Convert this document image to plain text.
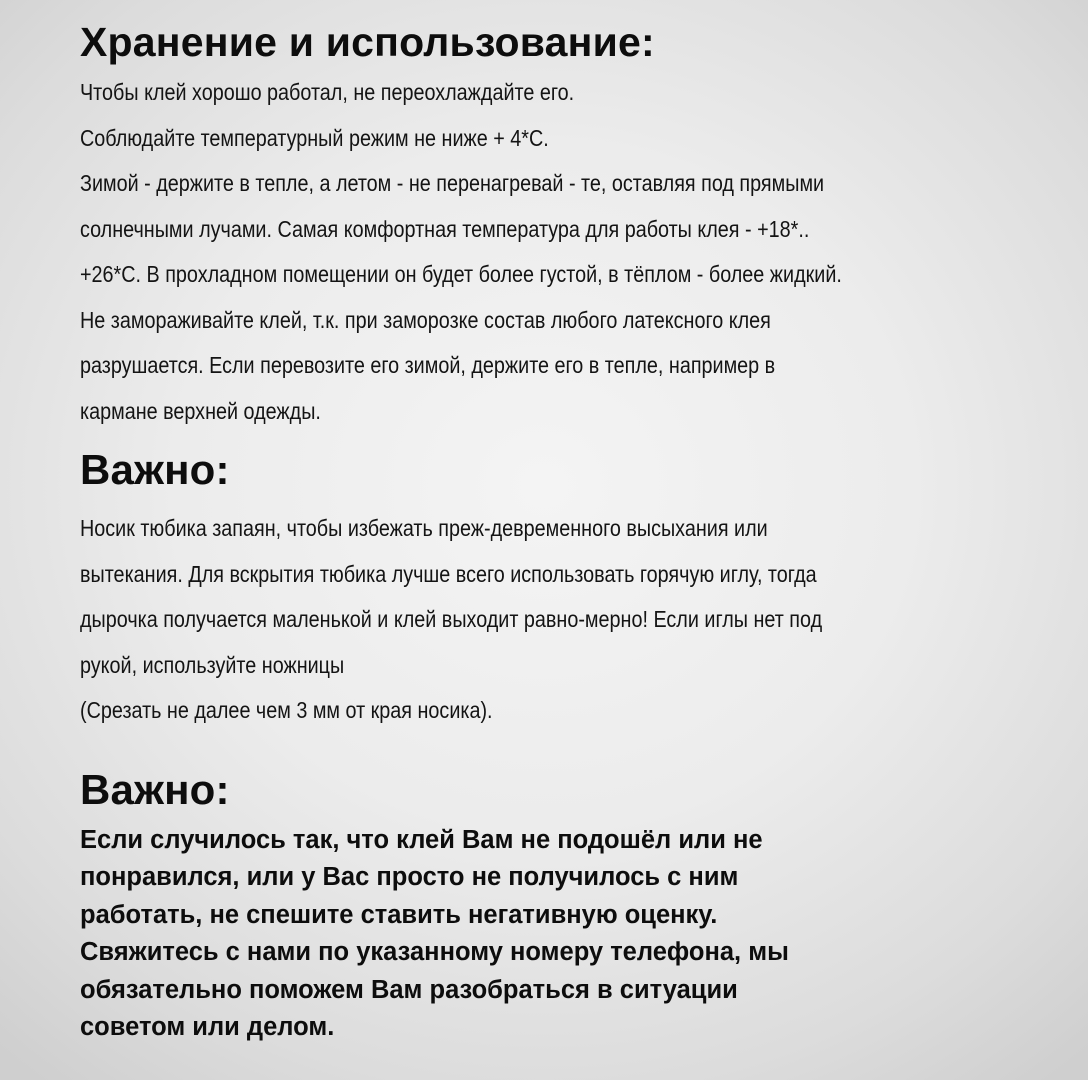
Хранение и использование:
Чтобы клей хорошо работал, не переохлаждайте его.
Соблюдайте температурный режим не ниже + 4*С.
Зимой - держите в тепле, а летом - не перенагревай - те, оставляя под прямыми
солнечными лучами. Самая комфортная температура для работы клея - +18*..
+26*С. В прохладном помещении он будет более густой, в тёплом - более жидкий.
Не замораживайте клей, т.к. при заморозке состав любого латексного клея
разрушается. Если перевозите его зимой, держите его в тепле, например в
кармане верхней одежды.
Важно:
Носик тюбика запаян, чтобы избежать преж-девременного высыхания или
вытекания. Для вскрытия тюбика лучше всего использовать горячую иглу, тогда
дырочка получается маленькой и клей выходит равно-мерно! Если иглы нет под
рукой, используйте ножницы
(Срезать не далее чем 3 мм от края носика).
Важно:
Если случилось так, что клей Вам не подошёл или не
понравился, или у Вас просто не получилось с ним
работать, не спешите ставить негативную оценку.
Свяжитесь с нами по указанному номеру телефона, мы
обязательно поможем Вам разобраться в ситуации
советом или делом.
